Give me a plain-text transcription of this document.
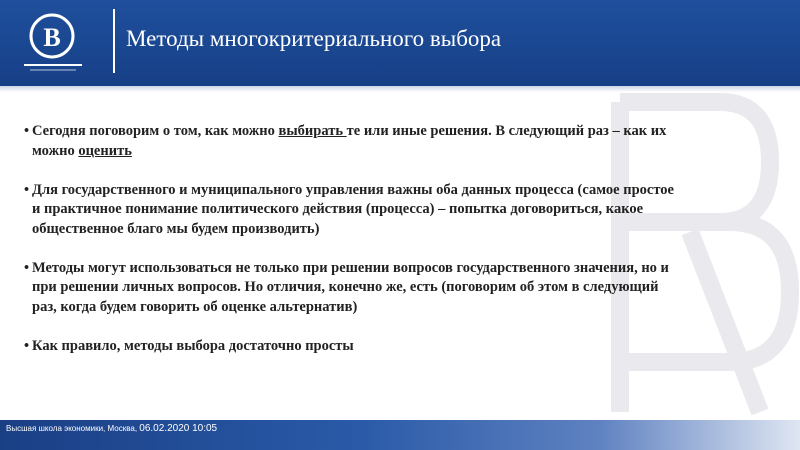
В	Методы многокритериального выбора
• Сегодня поговорим о том, как можно выбирать те или иные решения. В следующий раз – как их
можно оценить
• Для государственного и муниципального управления важны оба данных процесса (самое простое
и практичное понимание политического действия (процесса) – попытка договориться, какое
общественное благо мы будем производить)
• Методы могут использоваться не только при решении вопросов государственного значения, но и
при решении личных вопросов. Но отличия, конечно же, есть (поговорим об этом в следующий
раз, когда будем говорить об оценке альтернатив)
• Как правило, методы выбора достаточно просты
Высшая школа экономики, Москва, 06.02.2020 10:05
